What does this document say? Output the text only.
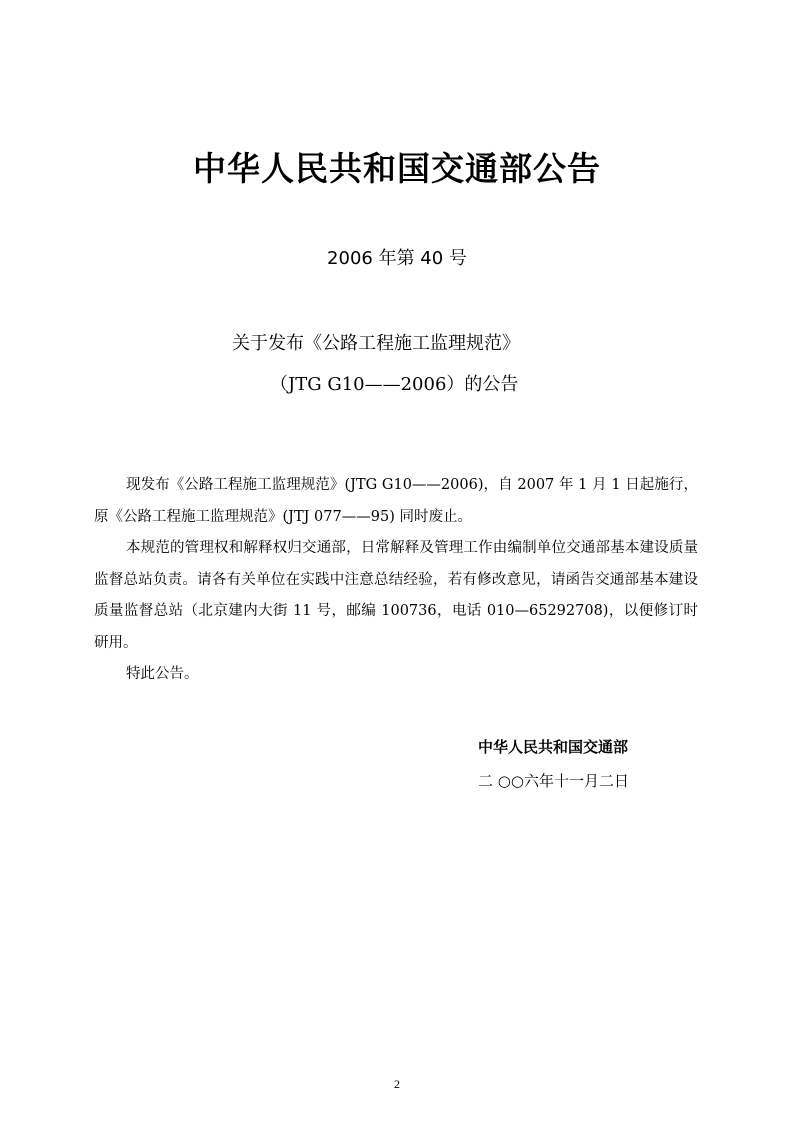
中华人民共和国交通部公告
2006 年第 40 号
关于发布《公路工程施工监理规范》
（JTG G10——2006）的公告

现发布《公路工程施工监理规范》(JTG G10——2006)，自 2007 年 1 月 1 日起施行，原《公路工程施工监理规范》(JTJ 077——95) 同时废止。

本规范的管理权和解释权归交通部，日常解释及管理工作由编制单位交通部基本建设质量监督总站负责。请各有关单位在实践中注意总结经验，若有修改意见，请函告交通部基本建设质量监督总站（北京建内大街 11 号，邮编 100736，电话 010—65292708)，以便修订时研用。

特此公告。

中华人民共和国交通部
二 ○○六年十一月二日
2
